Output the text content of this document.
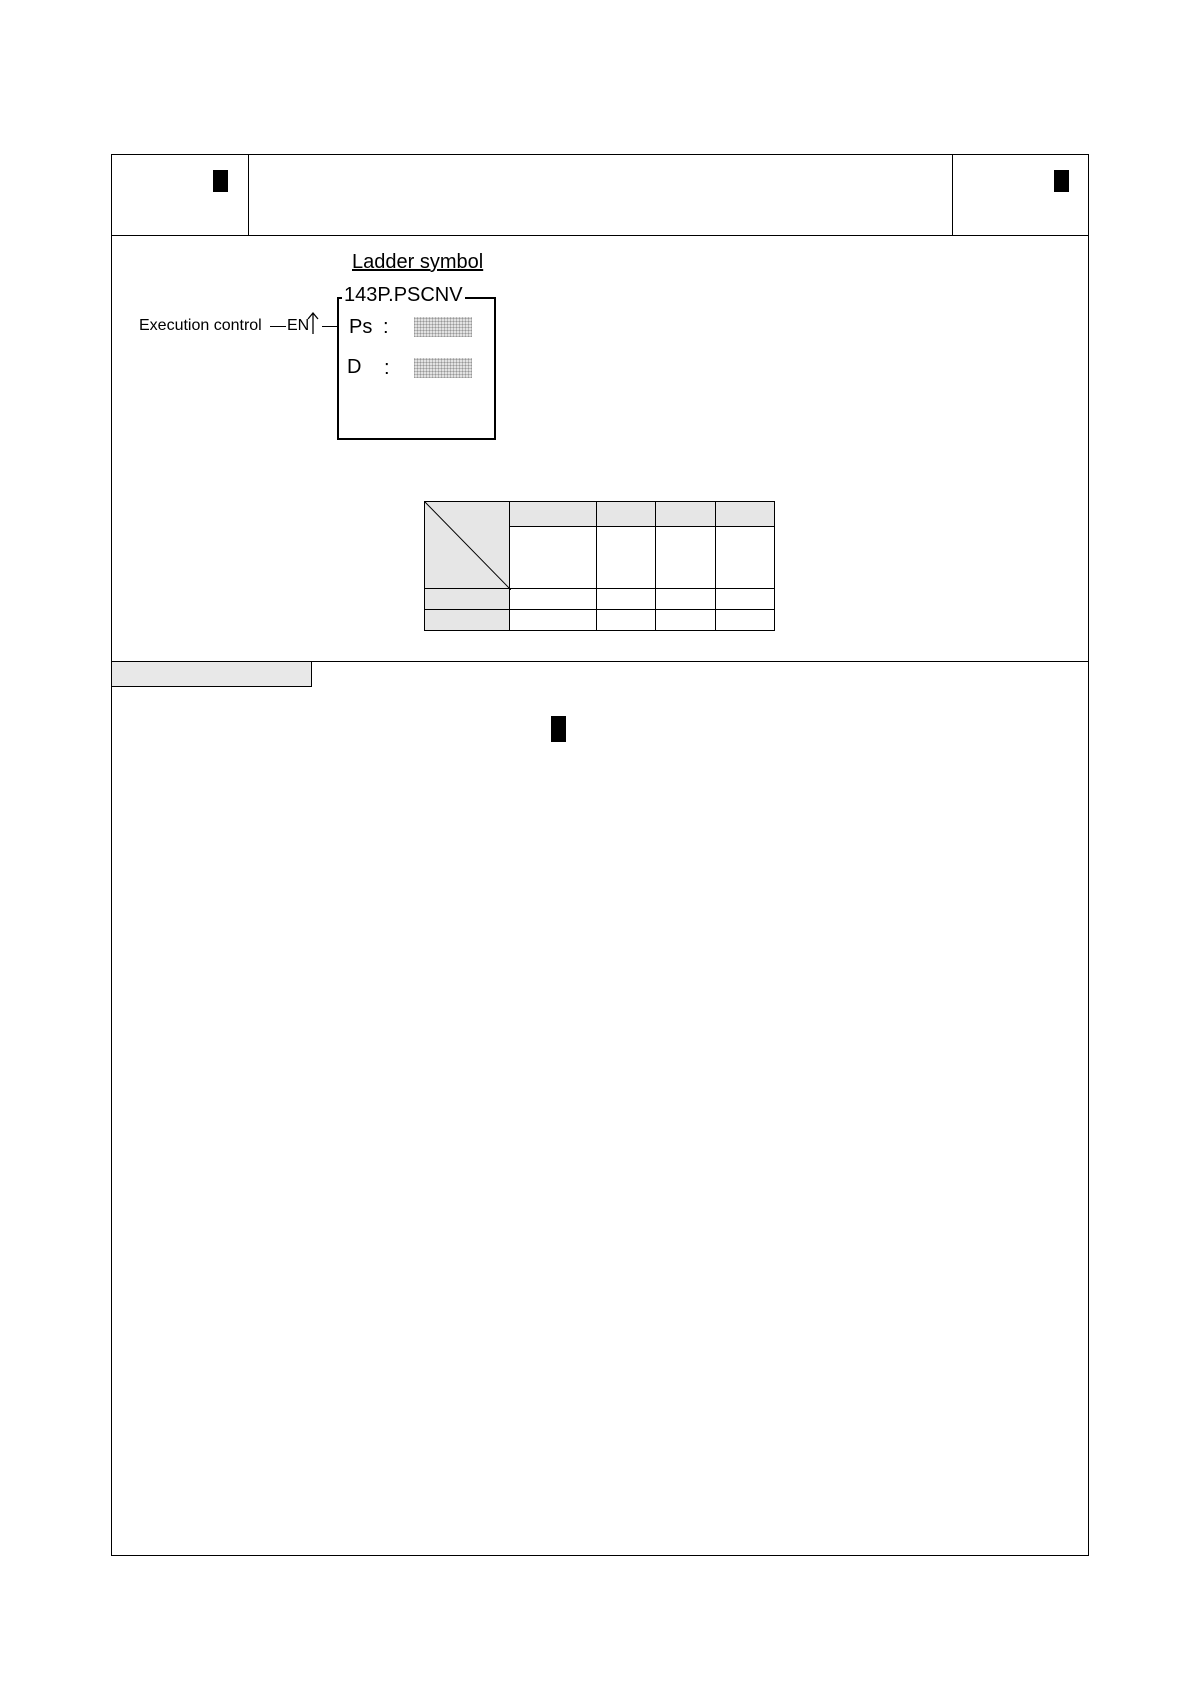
Ladder symbol
Execution control EN
143P.PSCNV
Ps :
D :
